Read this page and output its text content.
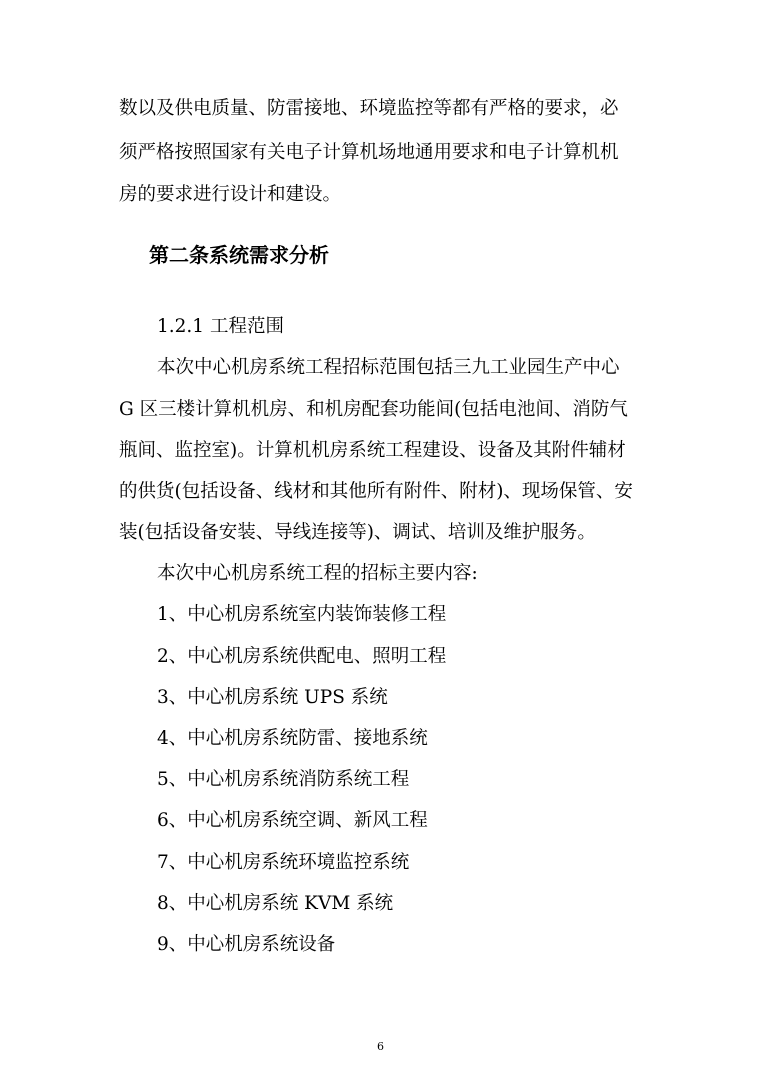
数以及供电质量、防雷接地、环境监控等都有严格的要求，必
须严格按照国家有关电子计算机场地通用要求和电子计算机机
房的要求进行设计和建设。
第二条系统需求分析
1.2.1 工程范围
本次中心机房系统工程招标范围包括三九工业园生产中心
G 区三楼计算机机房、和机房配套功能间(包括电池间、消防气
瓶间、监控室)。计算机机房系统工程建设、设备及其附件辅材
的供货(包括设备、线材和其他所有附件、附材)、现场保管、安
装(包括设备安装、导线连接等)、调试、培训及维护服务。
本次中心机房系统工程的招标主要内容:
1、中心机房系统室内装饰装修工程
2、中心机房系统供配电、照明工程
3、中心机房系统 UPS 系统
4、中心机房系统防雷、接地系统
5、中心机房系统消防系统工程
6、中心机房系统空调、新风工程
7、中心机房系统环境监控系统
8、中心机房系统 KVM 系统
9、中心机房系统设备
6
